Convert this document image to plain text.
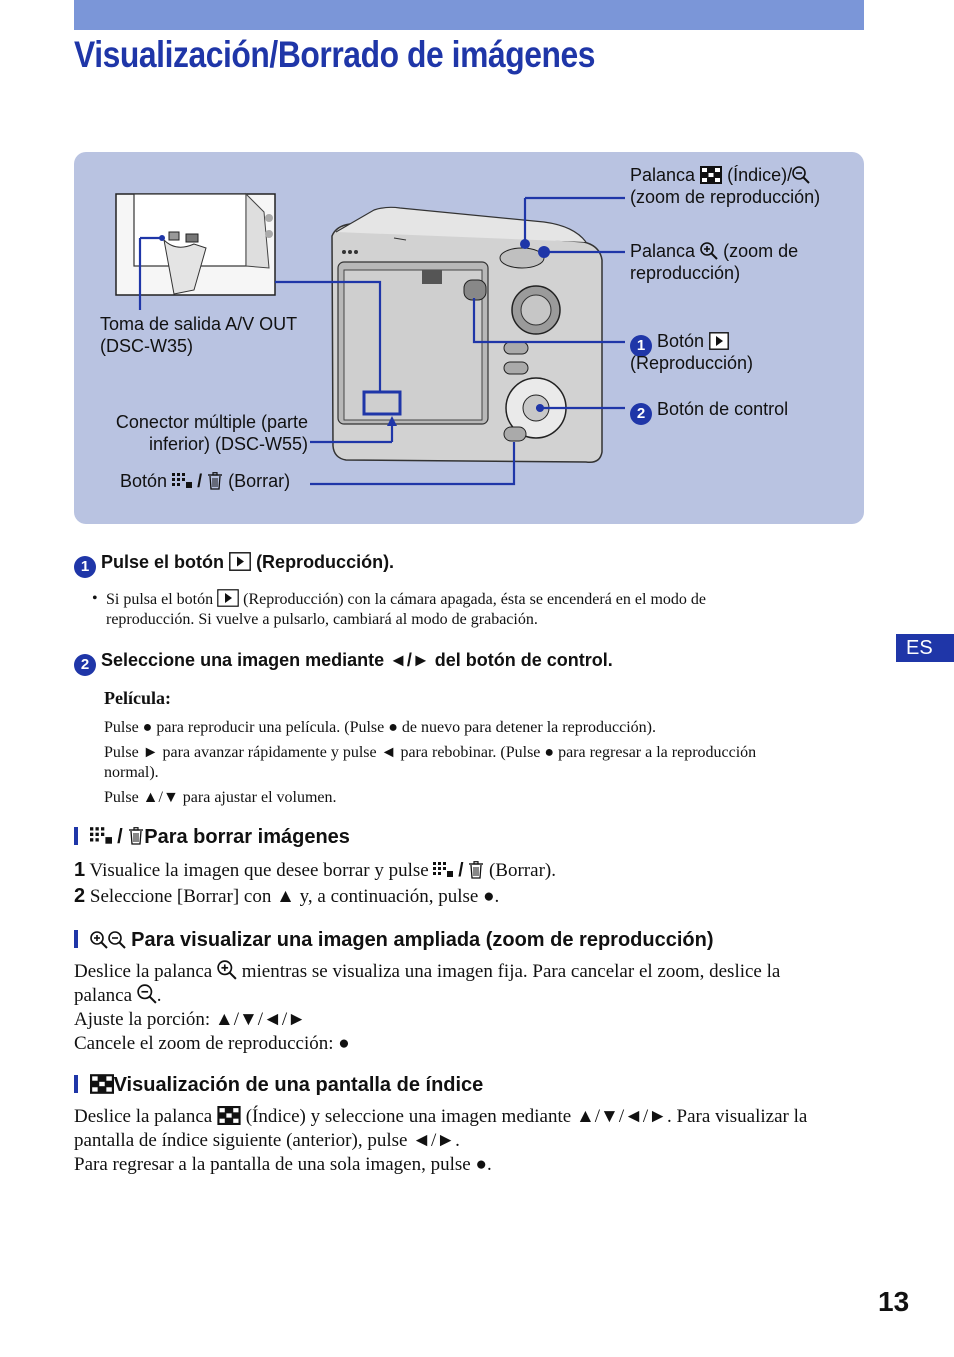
Visualización/Borrado de imágenes
Palanca (Índice)/
(zoom de reproducción)
Palanca (zoom de
reproducción)
1 Botón
(Reproducción)
2 Botón de control
Toma de salida A/V OUT
(DSC-W35)
Conector múltiple (parte
inferior) (DSC-W55)
Botón / (Borrar)
1 Pulse el botón (Reproducción).
• Si pulsa el botón (Reproducción) con la cámara apagada, ésta se encenderá en el modo de
reproducción. Si vuelve a pulsarlo, cambiará al modo de grabación.
2 Seleccione una imagen mediante ◄/► del botón de control.
Película:
Pulse ● para reproducir una película. (Pulse ● de nuevo para detener la reproducción).
Pulse ► para avanzar rápidamente y pulse ◄ para rebobinar. (Pulse ● para regresar a la reproducción
normal).
Pulse ▲/▼ para ajustar el volumen.
/ Para borrar imágenes
1 Visualice la imagen que desee borrar y pulse / (Borrar).
2 Seleccione [Borrar] con ▲ y, a continuación, pulse ●.
Para visualizar una imagen ampliada (zoom de reproducción)
Deslice la palanca mientras se visualiza una imagen fija. Para cancelar el zoom, deslice la
palanca .
Ajuste la porción: ▲/▼/◄/►
Cancele el zoom de reproducción: ●
Visualización de una pantalla de índice
Deslice la palanca (Índice) y seleccione una imagen mediante ▲/▼/◄/►. Para visualizar la
pantalla de índice siguiente (anterior), pulse ◄/►.
Para regresar a la pantalla de una sola imagen, pulse ●.
ES
13
